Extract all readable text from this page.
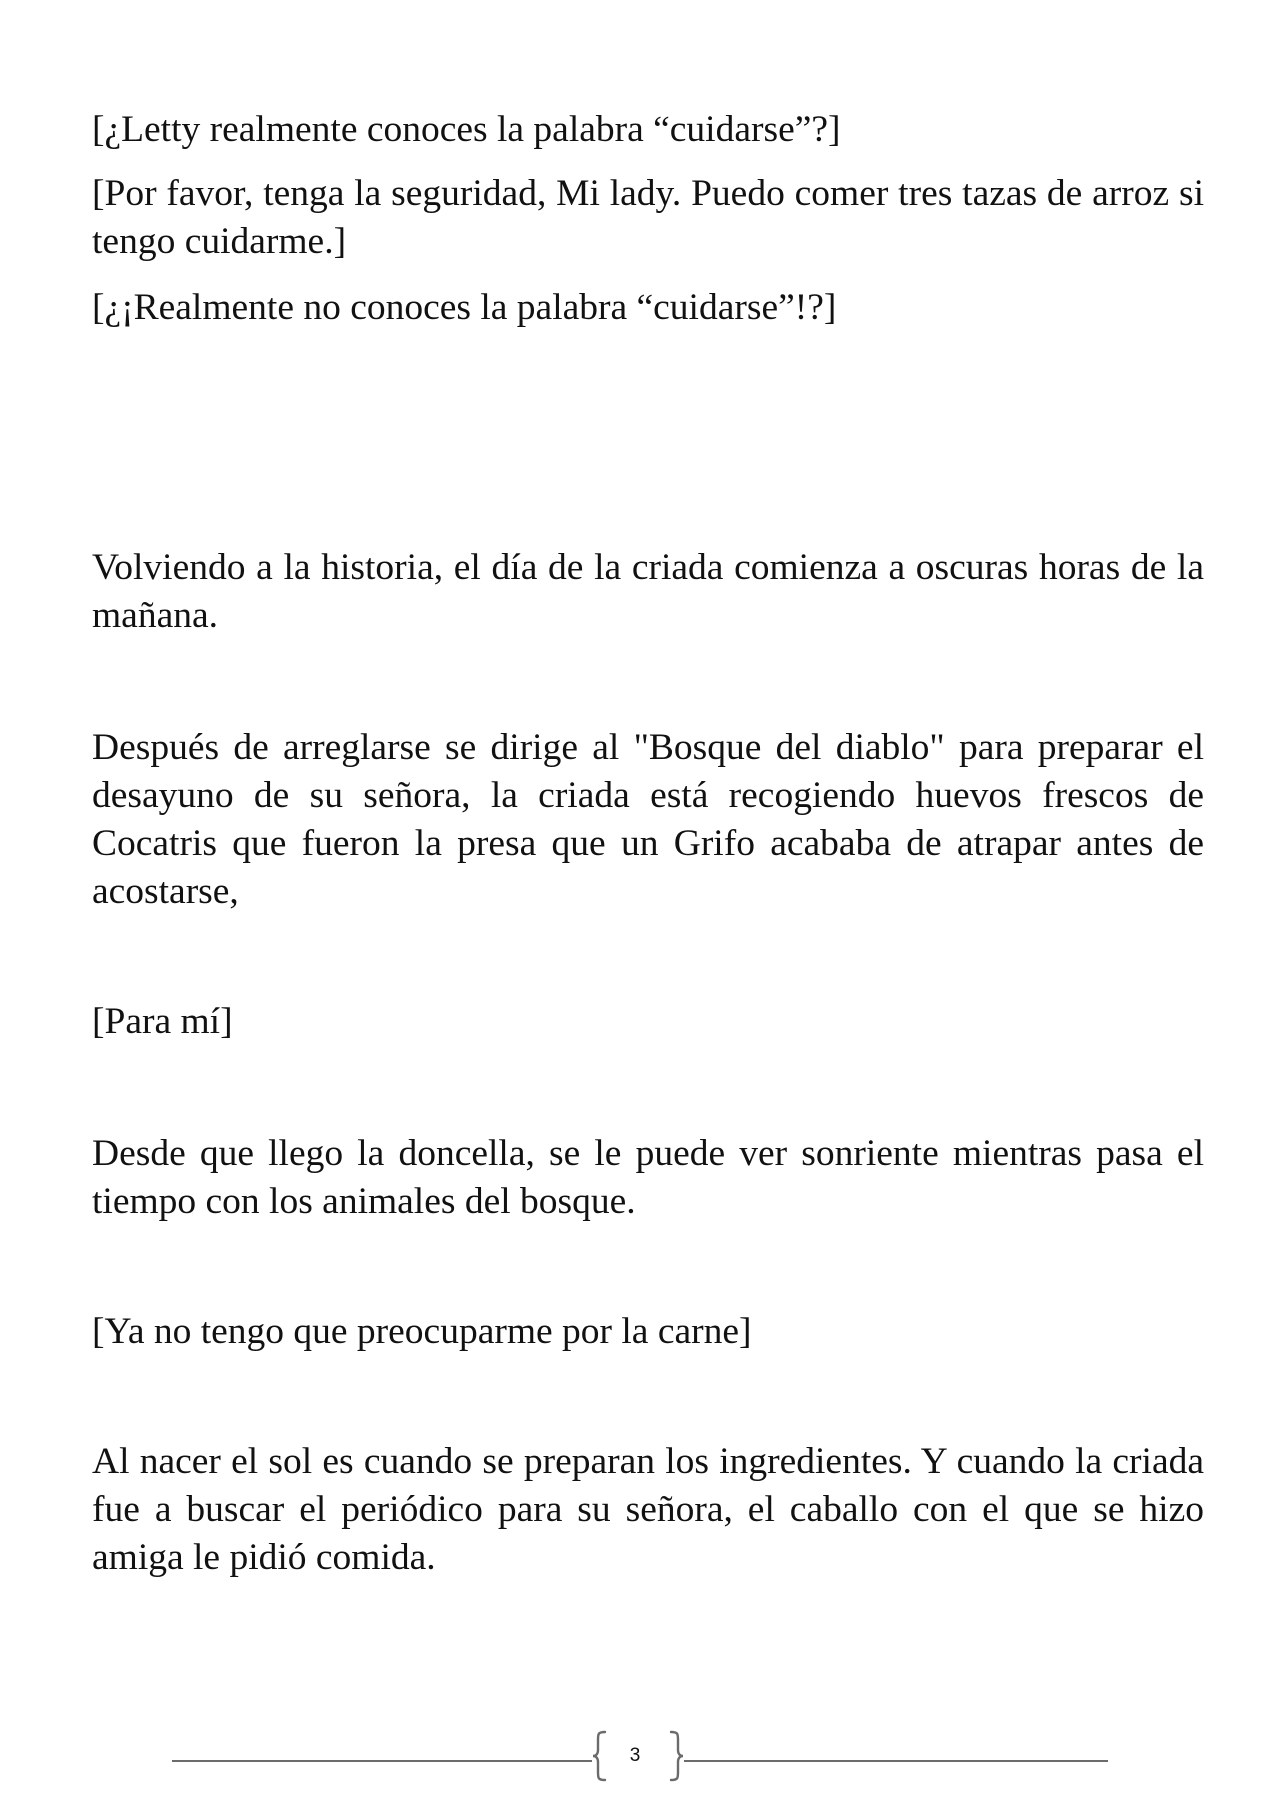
[¿Letty realmente conoces la palabra “cuidarse”?]

[Por favor, tenga la seguridad, Mi lady. Puedo comer tres tazas de arroz si tengo cuidarme.]

[¿¡Realmente no conoces la palabra “cuidarse”!?]

Volviendo a la historia, el día de la criada comienza a oscuras horas de la mañana.

Después de arreglarse se dirige al "Bosque del diablo" para preparar el desayuno de su señora, la criada está recogiendo huevos frescos de Cocatris que fueron la presa que un Grifo acababa de atrapar antes de acostarse,

[Para mí]

Desde que llego la doncella, se le puede ver sonriente mientras pasa el tiempo con los animales del bosque.

[Ya no tengo que preocuparme por la carne]

Al nacer el sol es cuando se preparan los ingredientes. Y cuando la criada fue a buscar el periódico para su señora, el caballo con el que se hizo amiga le pidió comida.

3
